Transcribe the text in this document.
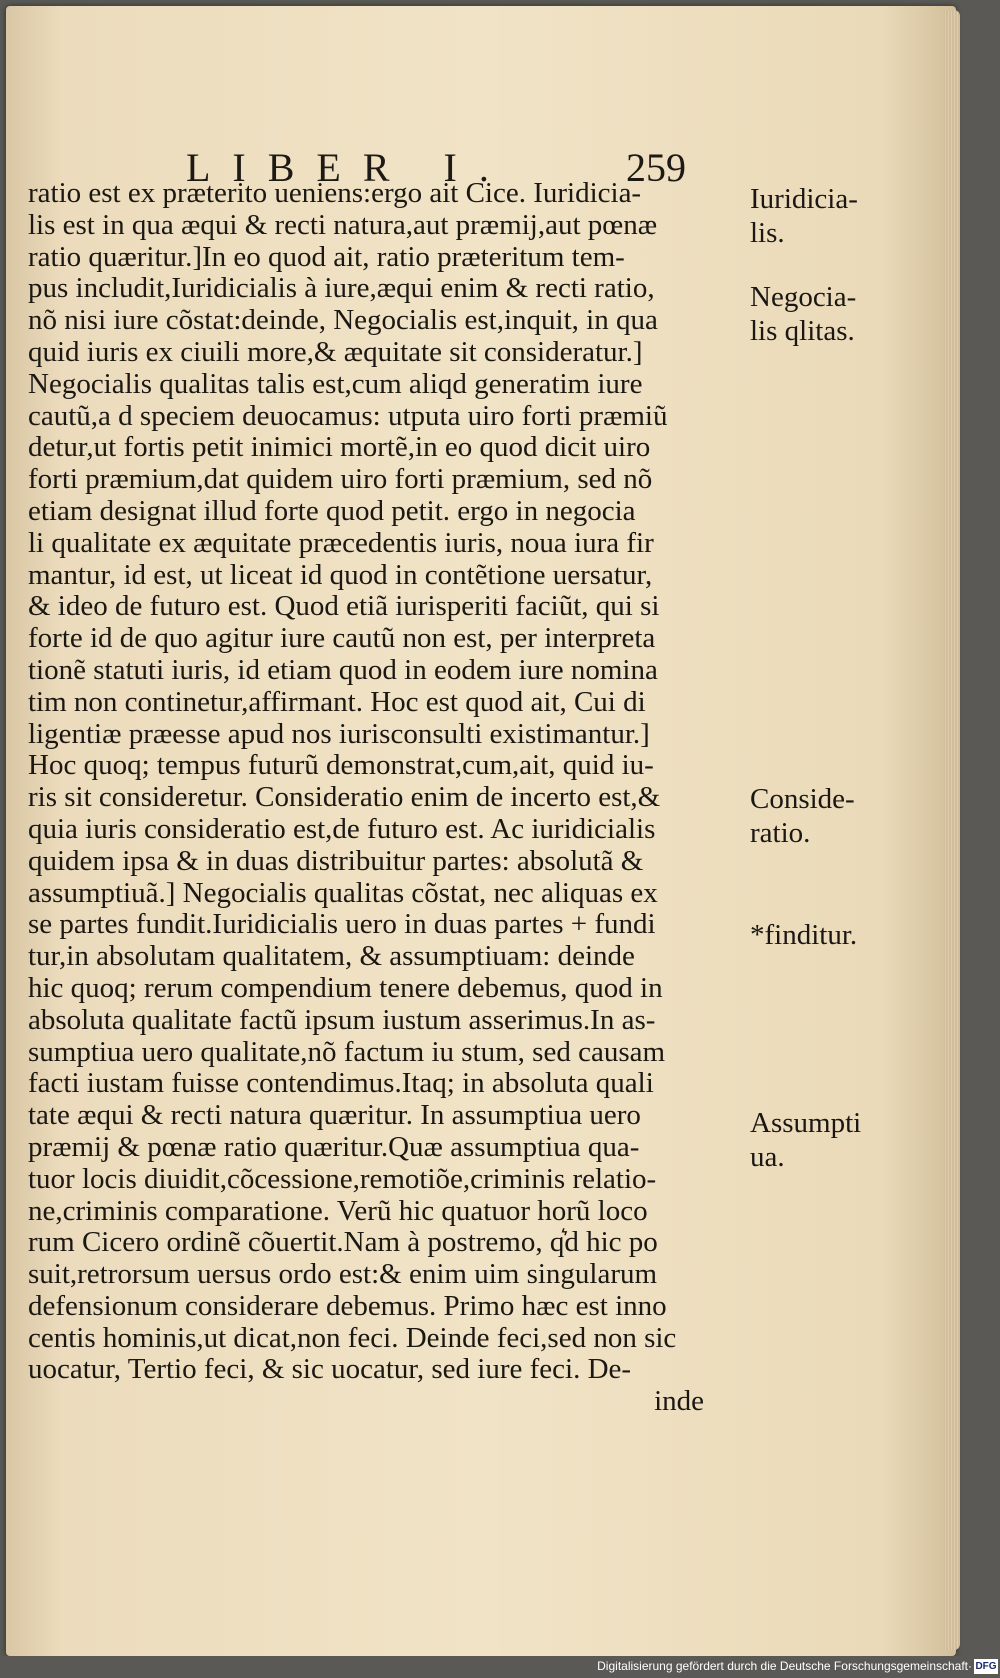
LIBER I.	259
ratio est ex præterito ueniens:ergo ait Cice. Iuridicia-
lis est in qua æqui & recti natura,aut præmij,aut pœnæ
ratio quæritur.]In eo quod ait, ratio præteritum tem-
pus includit,Iuridicialis à iure,æqui enim & recti ratio,
nõ nisi iure cõstat:deinde, Negocialis est,inquit, in qua
quid iuris ex ciuili more,& æquitate sit consideratur.]
Negocialis qualitas talis est,cum aliqd generatim iure
cautũ,a d speciem deuocamus: utputa uiro forti præmiũ
detur,ut fortis petit inimici mortẽ,in eo quod dicit uiro
forti præmium,dat quidem uiro forti præmium, sed nõ
etiam designat illud forte quod petit. ergo in negocia
li qualitate ex æquitate præcedentis iuris, noua iura fir
mantur, id est, ut liceat id quod in contẽtione uersatur,
& ideo de futuro est. Quod etiã iurisperiti faciũt, qui si
forte id de quo agitur iure cautũ non est, per interpreta
tionẽ statuti iuris, id etiam quod in eodem iure nomina
tim non continetur,affirmant. Hoc est quod ait, Cui di
ligentiæ præesse apud nos iurisconsulti existimantur.]
Hoc quoq; tempus futurũ demonstrat,cum,ait, quid iu-
ris sit consideretur. Consideratio enim de incerto est,&
quia iuris consideratio est,de futuro est. Ac iuridicialis
quidem ipsa & in duas distribuitur partes: absolutã &
assumptiuã.] Negocialis qualitas cõstat, nec aliquas ex
se partes fundit.Iuridicialis uero in duas partes + fundi
tur,in absolutam qualitatem, & assumptiuam: deinde
hic quoq; rerum compendium tenere debemus, quod in
absoluta qualitate factũ ipsum iustum asserimus.In as-
sumptiua uero qualitate,nõ factum iu stum, sed causam
facti iustam fuisse contendimus.Itaq; in absoluta quali
tate æqui & recti natura quæritur. In assumptiua uero
præmij & pœnæ ratio quæritur.Quæ assumptiua qua-
tuor locis diuidit,cõcessione,remotiõe,criminis relatio-
ne,criminis comparatione. Verũ hic quatuor horũ loco
rum Cicero ordinẽ cõuertit.Nam à postremo, q͛d hic po
suit,retrorsum uersus ordo est:& enim uim singularum
defensionum considerare debemus. Primo hæc est inno
centis hominis,ut dicat,non feci. Deinde feci,sed non sic
uocatur, Tertio feci, & sic uocatur, sed iure feci. De-
inde
Iuridicia-
lis.
Negocia-
lis qlitas.
Conside-
ratio.
*finditur.
Assumpti
ua.
Digitalisierung gefördert durch die Deutsche Forschungsgemeinschaft· DFG
